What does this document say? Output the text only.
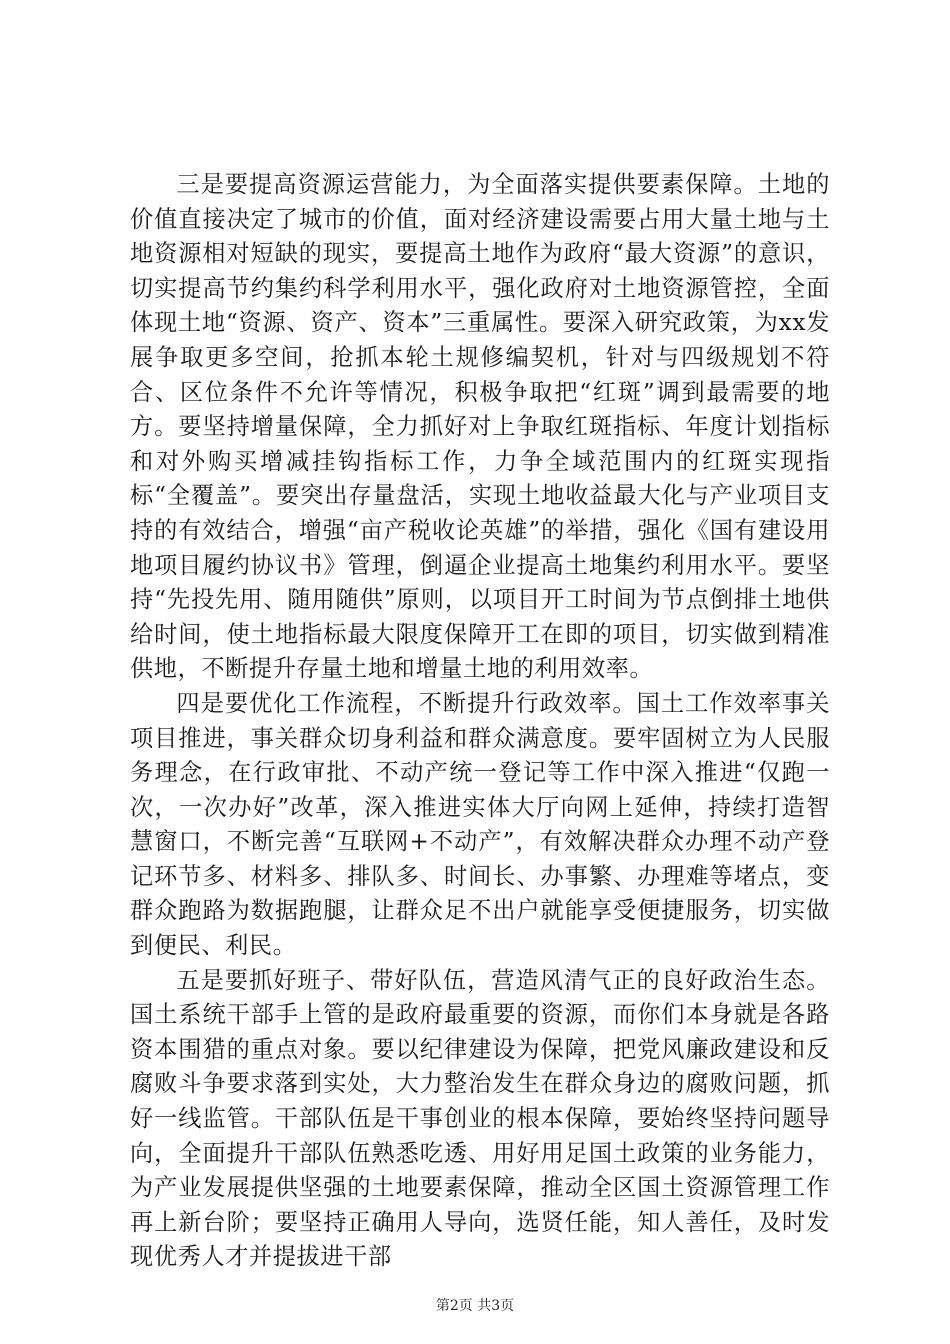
三是要提高资源运营能力，为全面落实提供要素保障。土地的价值直接决定了城市的价值，面对经济建设需要占用大量土地与土地资源相对短缺的现实，要提高土地作为政府“最大资源”的意识，切实提高节约集约科学利用水平，强化政府对土地资源管控，全面体现土地“资源、资产、资本”三重属性。要深入研究政策，为xx发展争取更多空间，抢抓本轮土规修编契机，针对与四级规划不符合、区位条件不允许等情况，积极争取把“红斑”调到最需要的地方。要坚持增量保障，全力抓好对上争取红斑指标、年度计划指标和对外购买增减挂钩指标工作，力争全域范围内的红斑实现指标“全覆盖”。要突出存量盘活，实现土地收益最大化与产业项目支持的有效结合，增强“亩产税收论英雄”的举措，强化《国有建设用地项目履约协议书》管理，倒逼企业提高土地集约利用水平。要坚持“先投先用、随用随供”原则，以项目开工时间为节点倒排土地供给时间，使土地指标最大限度保障开工在即的项目，切实做到精准供地，不断提升存量土地和增量土地的利用效率。

四是要优化工作流程，不断提升行政效率。国土工作效率事关项目推进，事关群众切身利益和群众满意度。要牢固树立为人民服务理念，在行政审批、不动产统一登记等工作中深入推进“仅跑一次，一次办好”改革，深入推进实体大厅向网上延伸，持续打造智慧窗口，不断完善“互联网+不动产”，有效解决群众办理不动产登记环节多、材料多、排队多、时间长、办事繁、办理难等堵点，变群众跑路为数据跑腿，让群众足不出户就能享受便捷服务，切实做到便民、利民。

五是要抓好班子、带好队伍，营造风清气正的良好政治生态。国土系统干部手上管的是政府最重要的资源，而你们本身就是各路资本围猎的重点对象。要以纪律建设为保障，把党风廉政建设和反腐败斗争要求落到实处，大力整治发生在群众身边的腐败问题，抓好一线监管。干部队伍是干事创业的根本保障，要始终坚持问题导向，全面提升干部队伍熟悉吃透、用好用足国土政策的业务能力，为产业发展提供坚强的土地要素保障，推动全区国土资源管理工作再上新台阶；要坚持正确用人导向，选贤任能，知人善任，及时发现优秀人才并提拔进干部

第2页 共3页
